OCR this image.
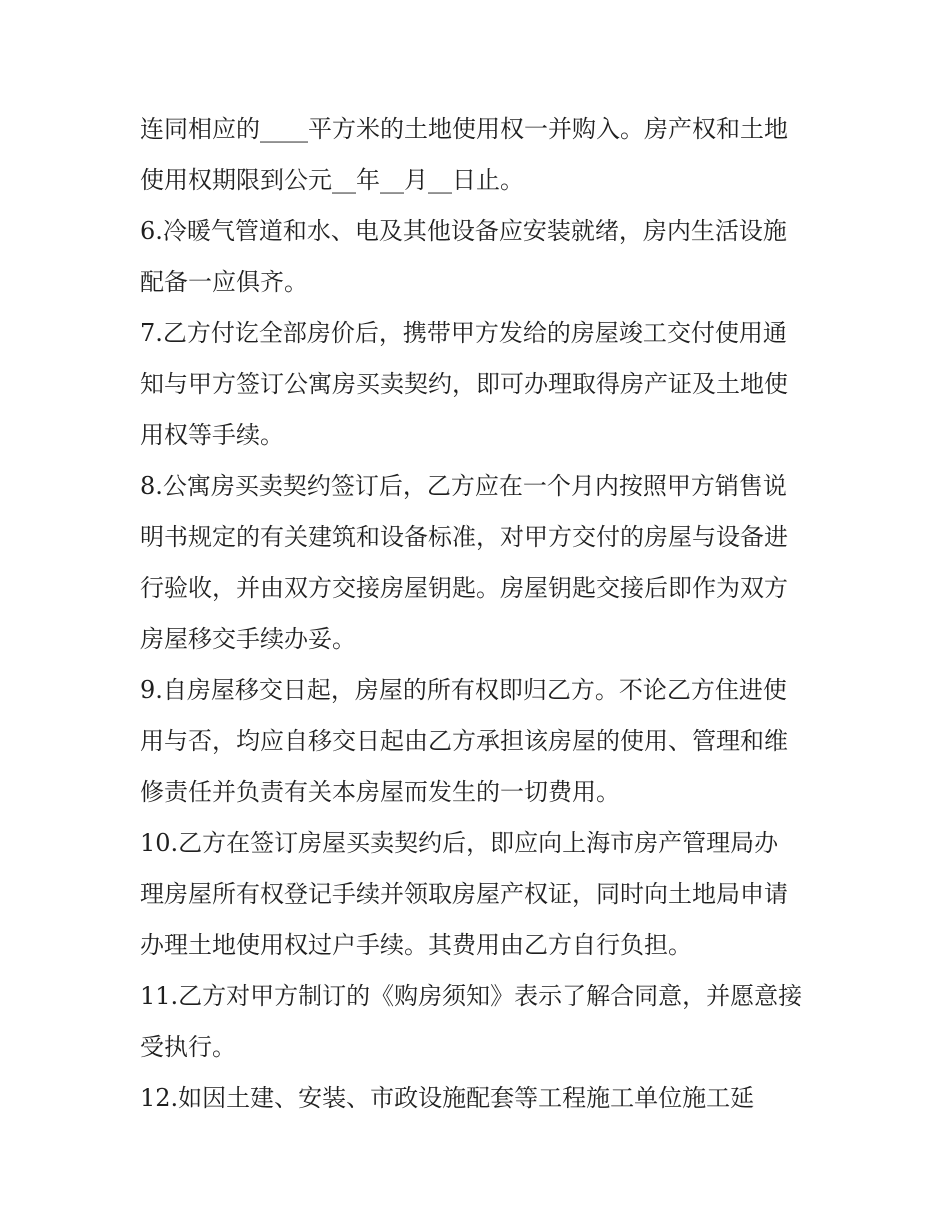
连同相应的____平方米的土地使用权一并购入。房产权和土地
使用权期限到公元__年__月__日止。
6.冷暖气管道和水、电及其他设备应安装就绪，房内生活设施
配备一应俱齐。
7.乙方付讫全部房价后，携带甲方发给的房屋竣工交付使用通
知与甲方签订公寓房买卖契约，即可办理取得房产证及土地使
用权等手续。
8.公寓房买卖契约签订后，乙方应在一个月内按照甲方销售说
明书规定的有关建筑和设备标准，对甲方交付的房屋与设备进
行验收，并由双方交接房屋钥匙。房屋钥匙交接后即作为双方
房屋移交手续办妥。
9.自房屋移交日起，房屋的所有权即归乙方。不论乙方住进使
用与否，均应自移交日起由乙方承担该房屋的使用、管理和维
修责任并负责有关本房屋而发生的一切费用。
10.乙方在签订房屋买卖契约后，即应向上海市房产管理局办
理房屋所有权登记手续并领取房屋产权证，同时向土地局申请
办理土地使用权过户手续。其费用由乙方自行负担。
11.乙方对甲方制订的《购房须知》表示了解合同意，并愿意接
受执行。
12.如因土建、安装、市政设施配套等工程施工单位施工延
